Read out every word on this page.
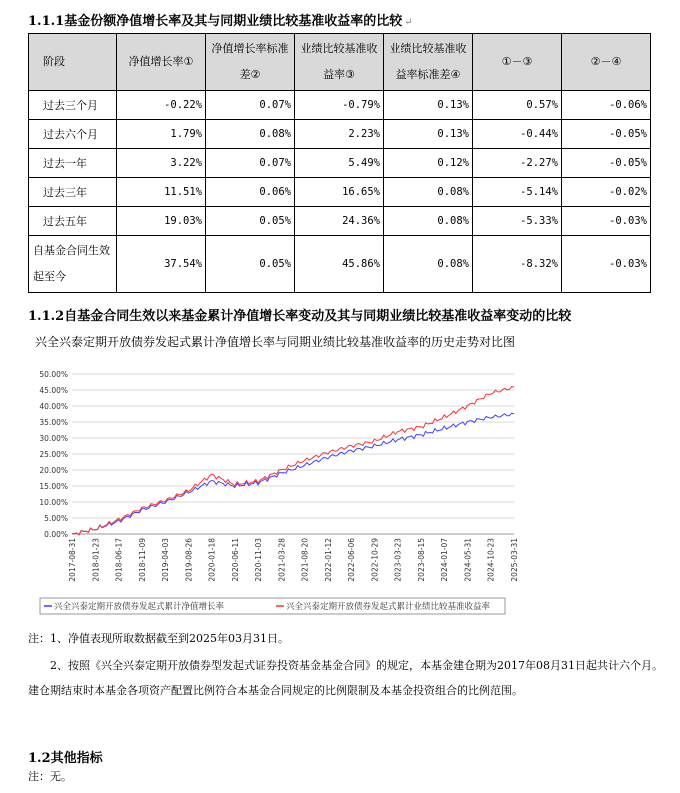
1.1.1基金份额净值增长率及其与同期业绩比较基准收益率的比较 ↵
阶段	净值增长率①	净值增长率标准差②	业绩比较基准收益率③	业绩比较基准收益率标准差④	①－③	②－④
过去三个月	-0.22%	0.07%	-0.79%	0.13%	0.57%	-0.06%
过去六个月	1.79%	0.08%	2.23%	0.13%	-0.44%	-0.05%
过去一年	3.22%	0.07%	5.49%	0.12%	-2.27%	-0.05%
过去三年	11.51%	0.06%	16.65%	0.08%	-5.14%	-0.02%
过去五年	19.03%	0.05%	24.36%	0.08%	-5.33%	-0.03%
自基金合同生效起至今	37.54%	0.05%	45.86%	0.08%	-8.32%	-0.03%
1.1.2自基金合同生效以来基金累计净值增长率变动及其与同期业绩比较基准收益率变动的比较
兴全兴泰定期开放债券发起式累计净值增长率与同期业绩比较基准收益率的历史走势对比图
0.00%
5.00%
10.00%
15.00%
20.00%
25.00%
30.00%
35.00%
40.00%
45.00%
50.00%
2017-08-31 2018-01-23 2018-06-17 2018-11-09 2019-04-03 2019-08-26 2020-01-18 2020-06-11 2020-11-03 2021-03-28 2021-08-20 2022-01-12 2022-06-06 2022-10-29 2023-03-23 2023-08-15 2024-01-07 2024-05-31 2024-10-23 2025-03-31
兴全兴泰定期开放债券发起式累计净值增长率	兴全兴泰定期开放债券发起式累计业绩比较基准收益率
注：1、净值表现所取数据截至到2025年03月31日。
2、按照《兴全兴泰定期开放债券型发起式证券投资基金基金合同》的规定，本基金建仓期为2017年08月31日起共计六个月。建仓期结束时本基金各项资产配置比例符合本基金合同规定的比例限制及本基金投资组合的比例范围。
1.2其他指标
注：无。
